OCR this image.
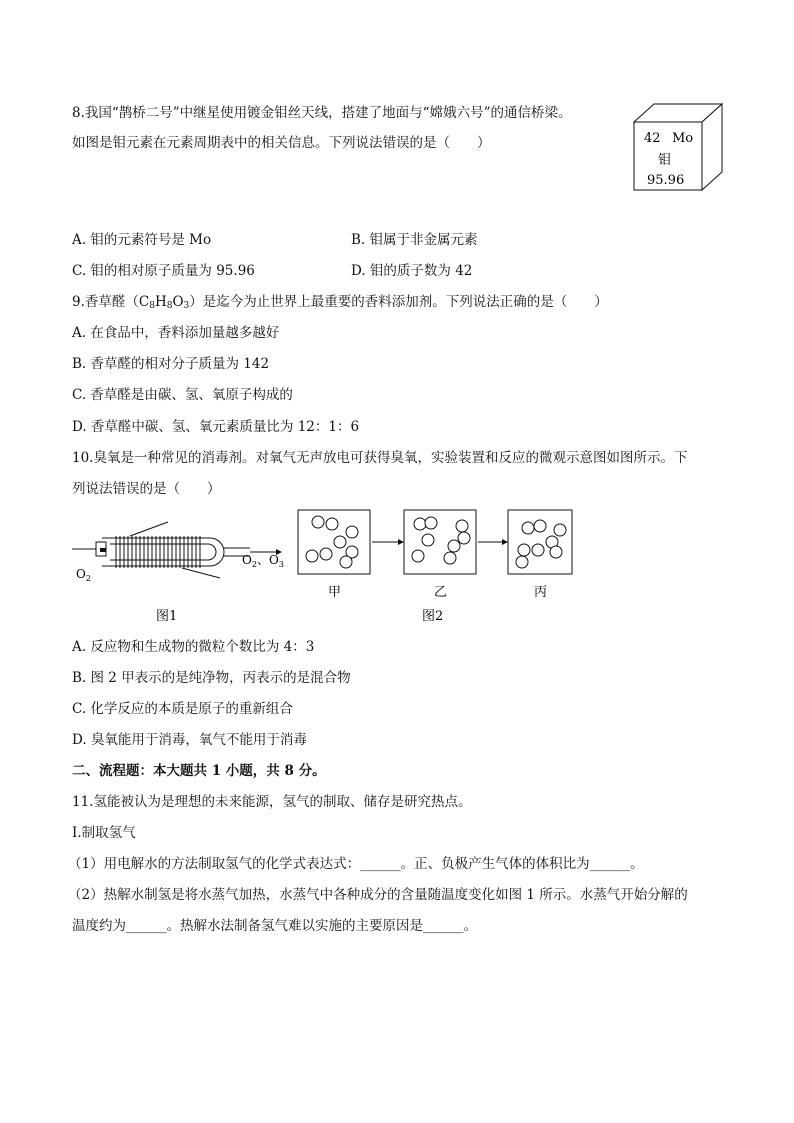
8.我国“鹊桥二号”中继星使用镀金钼丝天线，搭建了地面与“嫦娥六号”的通信桥梁。
如图是钼元素在元素周期表中的相关信息。下列说法错误的是（　　）	42 Mo
钼
95.96
A. 钼的元素符号是 Mo	B. 钼属于非金属元素
C. 钼的相对原子质量为 95.96	D. 钼的质子数为 42
9.香草醛$(C_8H_8O_3)$是迄今为止世界上最重要的香料添加剂。下列说法正确的是（　　）
A. 在食品中，香料添加量越多越好
B. 香草醛的相对分子质量为 142
C. 香草醛是由碳、氢、氧原子构成的
D. 香草醛中碳、氢、氧元素质量比为 12：1：6
10.臭氧是一种常见的消毒剂。对氧气无声放电可获得臭氧，实验装置和反应的微观示意图如图所示。下
列说法错误的是（　　）
$O_2$
$O_2$、$O_3$
图1
甲	乙	丙
图2
A. 反应物和生成物的微粒个数比为 4：3
B. 图 2 甲表示的是纯净物，丙表示的是混合物
C. 化学反应的本质是原子的重新组合
D. 臭氧能用于消毒，氧气不能用于消毒
二、流程题：本大题共 1 小题，共 8 分。
11.氢能被认为是理想的未来能源，氢气的制取、储存是研究热点。
Ⅰ.制取氢气
（1）用电解水的方法制取氢气的化学式表达式：______。正、负极产生气体的体积比为______。
（2）热解水制氢是将水蒸气加热，水蒸气中各种成分的含量随温度变化如图 1 所示。水蒸气开始分解的
温度约为______。热解水法制备氢气难以实施的主要原因是______。
